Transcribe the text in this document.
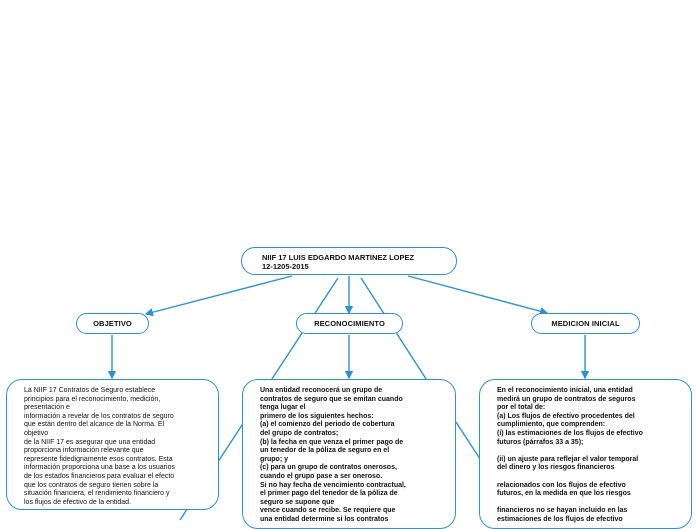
NIIF 17 LUIS EDGARDO MARTINEZ LOPEZ
12-1205-2015
OBJETIVO	RECONOCIMIENTO	MEDICION INICIAL
La NIIF 17 Contratos de Seguro establece
principios para el reconocimiento, medición,
presentación e
información a revelar de los contratos de seguro
que están dentro del alcance de la Norma. El
objetivo
de la NIIF 17 es asegurar que una entidad
proporciona información relevante que
represente fidedignamente esos contratos. Esta
información proporciona una base a los usuarios
de los estados financieros para evaluar el efecto
que los contratos de seguro tienen sobre la
situación financiera, el rendimiento financiero y
los flujos de efectivo de la entidad.
Una entidad reconocerá un grupo de
contratos de seguro que se emitan cuando
tenga lugar el
primero de los siguientes hechos:
(a) el comienzo del periodo de cobertura
del grupo de contratos;
(b) la fecha en que venza el primer pago de
un tenedor de la póliza de seguro en el
grupo; y
(c) para un grupo de contratos onerosos,
cuando el grupo pase a ser oneroso.
Si no hay fecha de vencimiento contractual,
el primer pago del tenedor de la póliza de
seguro se supone que
vence cuando se recibe. Se requiere que
una entidad determine si los contratos
En el reconocimiento inicial, una entidad
medirá un grupo de contratos de seguros
por el total de:
(a) Los flujos de efectivo procedentes del
cumplimiento, que comprenden:
(i) las estimaciones de los flujos de efectivo
futuros (párrafos 33 a 35);

(ii) un ajuste para reflejar el valor temporal
del dinero y los riesgos financieros

relacionados con los flujos de efectivo
futuros, en la medida en que los riesgos

financieros no se hayan incluido en las
estimaciones de los flujos de efectivo
